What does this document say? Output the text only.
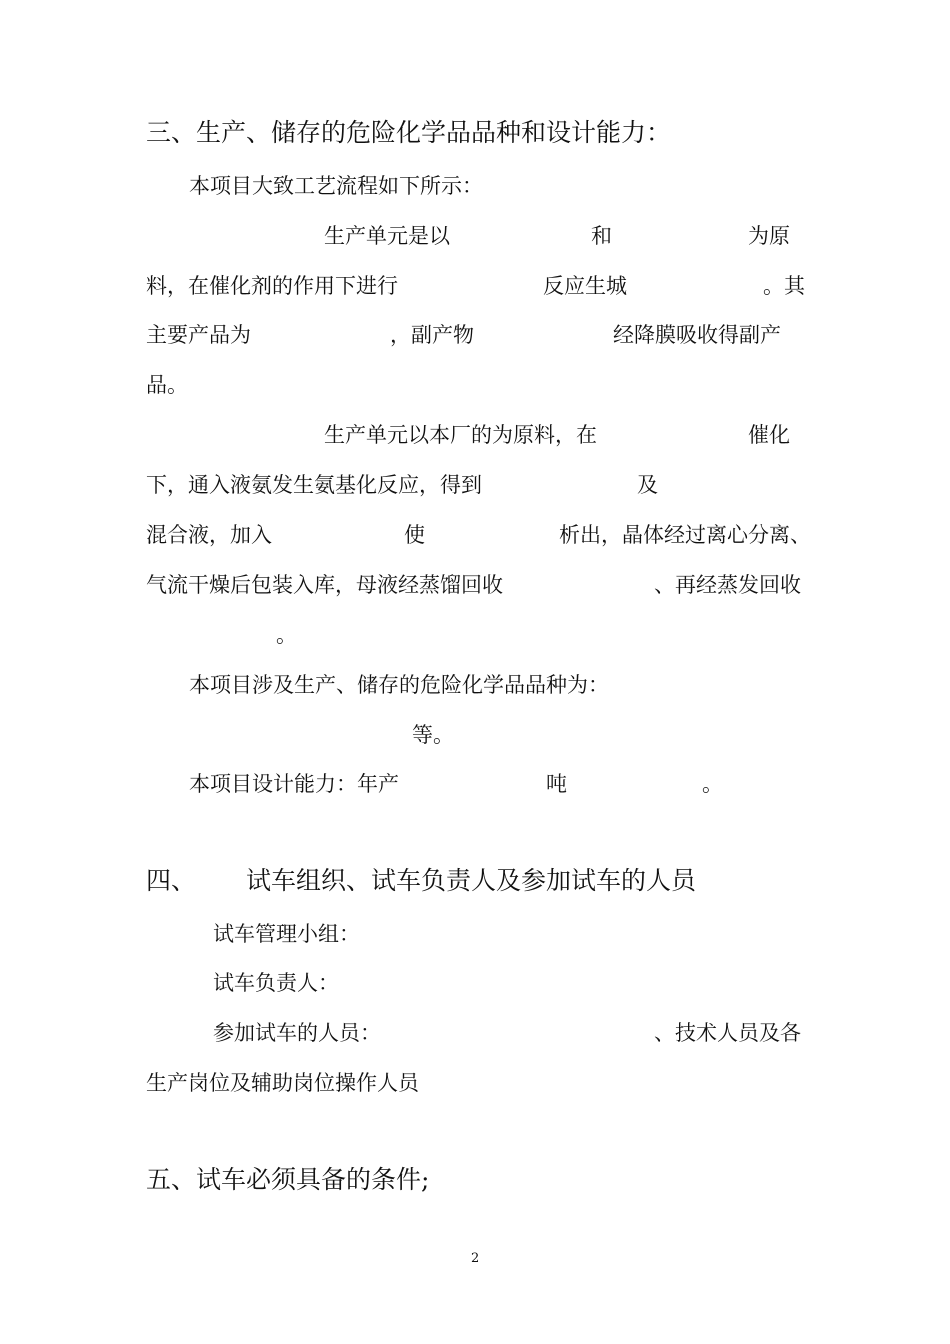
三、生产、储存的危险化学品品种和设计能力：
本项目大致工艺流程如下所示：
生产单元是以	和	为原
料，在催化剂的作用下进行	反应生城	。其
主要产品为	，副产物	经降膜吸收得副产
品。
生产单元以本厂的为原料，在	催化
下，通入液氨发生氨基化反应，得到	及
混合液，加入	使	析出，晶体经过离心分离、
气流干燥后包装入库，母液经蒸馏回收	、再经蒸发回收
。
本项目涉及生产、储存的危险化学品品种为：
等。
本项目设计能力：年产	吨	。
四、 试车组织、试车负责人及参加试车的人员
试车管理小组：
试车负责人：
参加试车的人员：	、技术人员及各
生产岗位及辅助岗位操作人员
五、试车必须具备的条件;
2
